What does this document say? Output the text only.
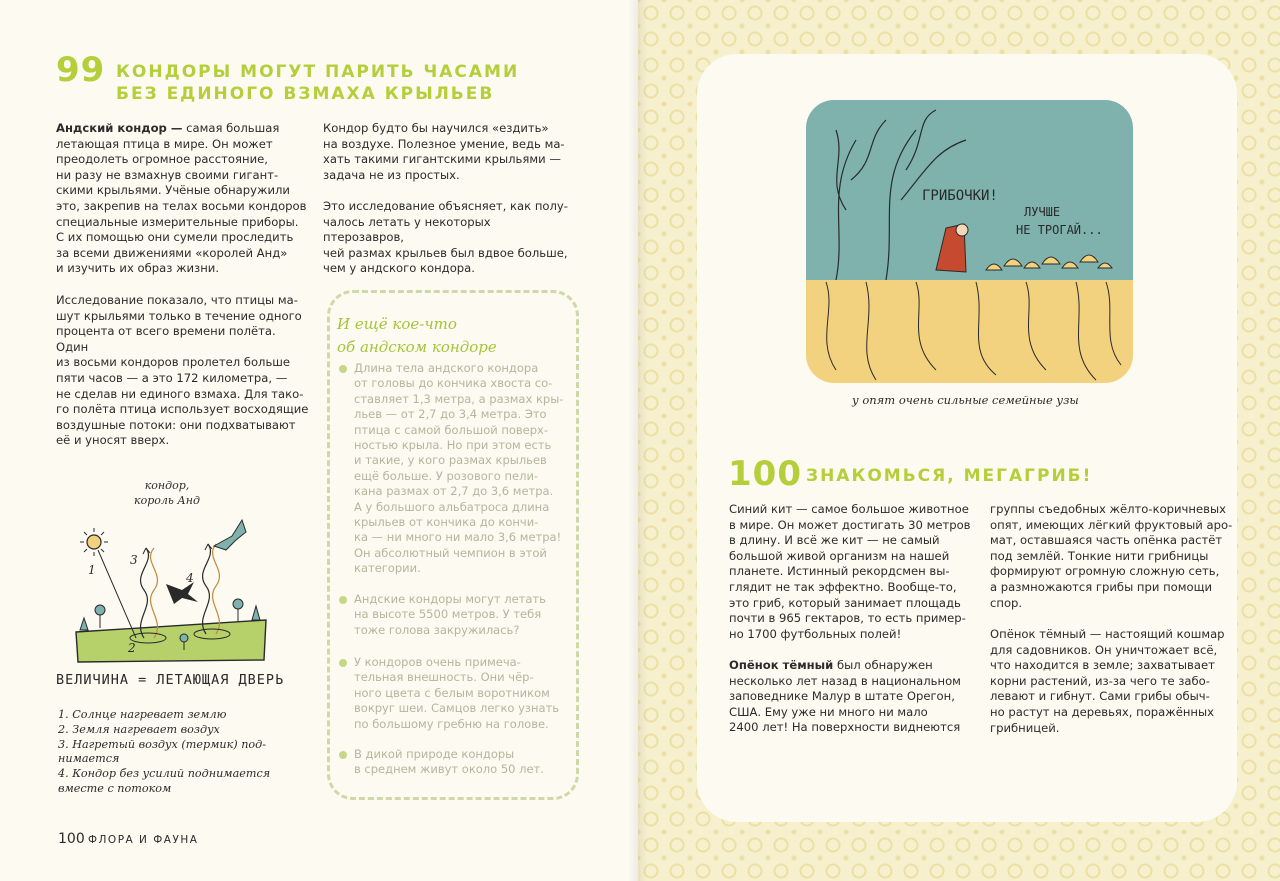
99 КОНДОРЫ МОГУТ ПАРИТЬ ЧАСАМИ
БЕЗ ЕДИНОГО ВЗМАХА КРЫЛЬЕВ
Андский кондор — самая большая
летающая птица в мире. Он может
преодолеть огромное расстояние,
ни разу не взмахнув своими гигант-
скими крыльями. Учёные обнаружили
это, закрепив на телах восьми кондоров
специальные измерительные приборы.
С их помощью они сумели проследить
за всеми движениями «королей Анд»
и изучить их образ жизни.
Исследование показало, что птицы ма-
шут крыльями только в течение одного
процента от всего времени полёта. Один
из восьми кондоров пролетел больше
пяти часов — а это 172 километра, —
не сделав ни единого взмаха. Для тако-
го полёта птица использует восходящие
воздушные потоки: они подхватывают
её и уносят вверх.
Кондор будто бы научился «ездить»
на воздухе. Полезное умение, ведь ма-
хать такими гигантскими крыльями —
задача не из простых.
Это исследование объясняет, как полу-
чалось летать у некоторых птерозавров,
чей размах крыльев был вдвое больше,
чем у андского кондора.
И ещё кое-что
об андском кондоре
Длина тела андского кондора
от головы до кончика хвоста со-
ставляет 1,3 метра, а размах кры-
льев — от 2,7 до 3,4 метра. Это
птица с самой большой поверх-
ностью крыла. Но при этом есть
и такие, у кого размах крыльев
ещё больше. У розового пели-
кана размах от 2,7 до 3,6 метра.
А у большого альбатроса длина
крыльев от кончика до кончи-
ка — ни много ни мало 3,6 метра!
Он абсолютный чемпион в этой
категории.
Андские кондоры могут летать
на высоте 5500 метров. У тебя
тоже голова закружилась?
У кондоров очень примеча-
тельная внешность. Они чёр-
ного цвета с белым воротником
вокруг шеи. Самцов легко узнать
по большому гребню на голове.
В дикой природе кондоры
в среднем живут около 50 лет.
кондор,
король Анд
1
2
3
4
ВЕЛИЧИНА = ЛЕТАЮЩАЯ ДВЕРЬ
1. Солнце нагревает землю
2. Земля нагревает воздух
3. Нагретый воздух (термик) под-
нимается
4. Кондор без усилий поднимается
вместе с потоком
100 ФЛОРА И ФАУНА
ГРИБОЧКИ!
ЛУЧШЕ
НЕ ТРОГАЙ...
у опят очень сильные семейные узы
100 ЗНАКОМЬСЯ, МЕГАГРИБ!
Синий кит — самое большое животное
в мире. Он может достигать 30 метров
в длину. И всё же кит — не самый
большой живой организм на нашей
планете. Истинный рекордсмен вы-
глядит не так эффектно. Вообще-то,
это гриб, который занимает площадь
почти в 965 гектаров, то есть пример-
но 1700 футбольных полей!
Опёнок тёмный был обнаружен
несколько лет назад в национальном
заповеднике Малур в штате Орегон,
США. Ему уже ни много ни мало
2400 лет! На поверхности виднеются
группы съедобных жёлто-коричневых
опят, имеющих лёгкий фруктовый аро-
мат, оставшаяся часть опёнка растёт
под землёй. Тонкие нити грибницы
формируют огромную сложную сеть,
а размножаются грибы при помощи
спор.
Опёнок тёмный — настоящий кошмар
для садовников. Он уничтожает всё,
что находится в земле; захватывает
корни растений, из-за чего те забо-
левают и гибнут. Сами грибы обыч-
но растут на деревьях, поражённых
грибницей.
